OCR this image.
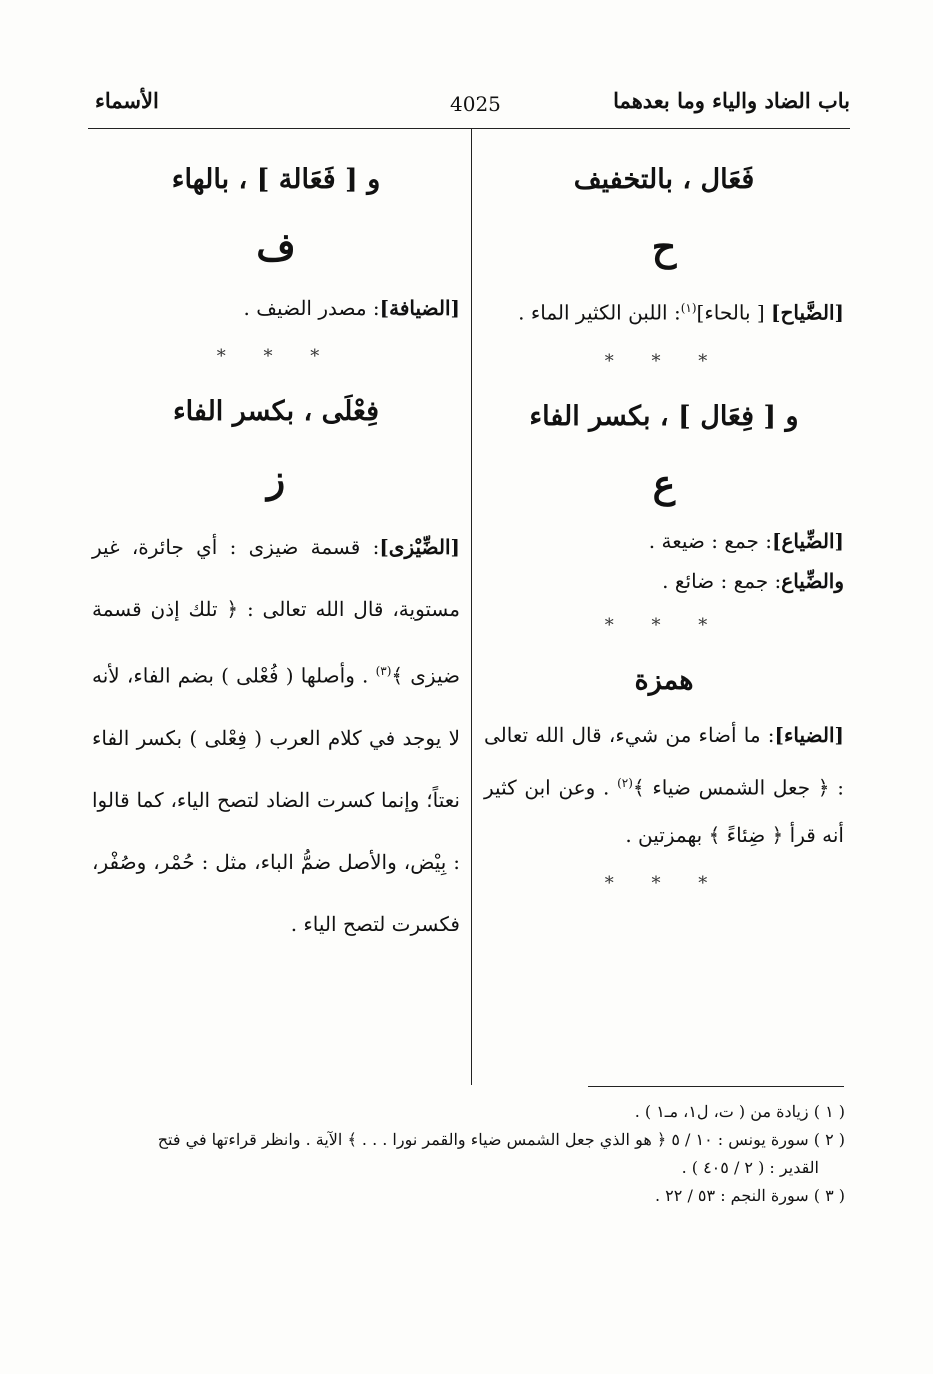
باب الضاد والياء وما بعدهما
4025
الأسماء
فَعَال ، بالتخفيف
ح

[الضَّياح] [ بالحاء]$^{(١)}$: اللبن الكثير الماء .

* * *
و [ فِعَال ] ، بكسر الفاء
ع

[الضِّياع]: جمع : ضيعة .

والضِّياع: جمع : ضائع .

* * *
همزة

[الضياء]: ما أضاء من شيء، قال الله تعالى : ﴿ جعل الشمس ضياء ﴾$^{(٢)}$ . وعن ابن كثير أنه قرأ ﴿ ضِئاءً ﴾ بهمزتين .

* * *
و [ فَعَالة ] ، بالهاء
ف

[الضيافة]: مصدر الضيف .

* * *
فِعْلَى ، بكسر الفاء
ز

[الضِّيْزى]: قسمة ضيزى : أي جائرة، غير مستوية، قال الله تعالى : ﴿ تلك إذن قسمة ضيزى ﴾$^{(٣)}$ . وأصلها ( فُعْلى ) بضم الفاء، لأنه لا يوجد في كلام العرب ( فِعْلى ) بكسر الفاء نعتاً؛ وإنما كسرت الضاد لتصح الياء، كما قالوا : بِيْض، والأصل ضمُّ الباء، مثل : حُمْر، وصُفْر، فكسرت لتصح الياء .

( ١ ) زيادة من ( ت، ل١، مـ١ ) .

( ٢ ) سورة يونس : ١٠ / ٥ ﴿ هو الذي جعل الشمس ضياء والقمر نورا . . . ﴾ الآية . وانظر قراءتها في فتح

القدير : ( ٢ / ٤٠٥ ) .

( ٣ ) سورة النجم : ٥٣ / ٢٢ .
